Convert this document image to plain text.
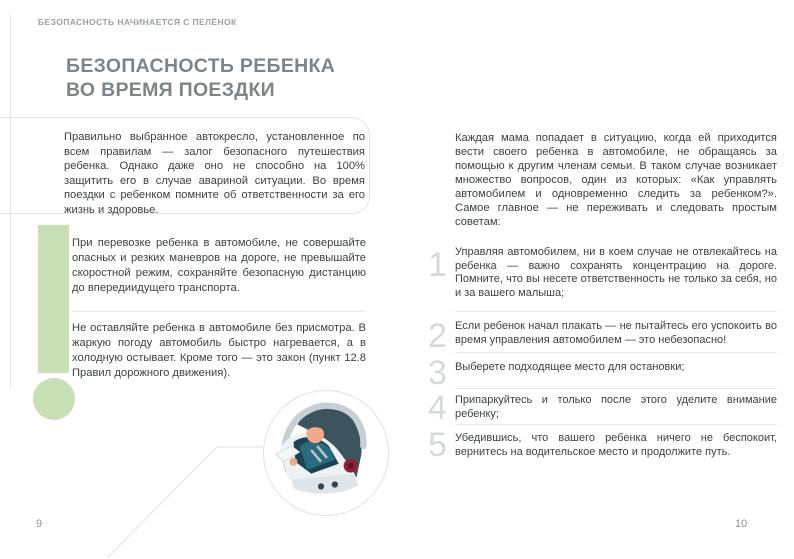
БЕЗОПАСНОСТЬ НАЧИНАЕТСЯ С ПЕЛЁНОК
БЕЗОПАСНОСТЬ РЕБЕНКА
ВО ВРЕМЯ ПОЕЗДКИ
Правильно выбранное автокресло, установленное по всем правилам — залог безопасного путешествия ребенка. Однако даже оно не способно на 100% защитить его в случае авариной ситуации. Во время поездки с ребенком помните об ответственности за его жизнь и здоровье.
При перевозке ребенка в автомобиле, не совершайте опасных и резких маневров на дороге, не превышайте скоростной режим, сохраняйте безопасную дистанцию до впередиидущего транспорта.
Не оставляйте ребенка в автомобиле без присмотра. В жаркую погоду автомобиль быстро нагревается, а в холодную остывает. Кроме того — это закон (пункт 12.8 Правил дорожного движения).
9
Каждая мама попадает в ситуацию, когда ей приходится вести своего ребенка в автомобиле, не обращаясь за помощью к другим членам семьи. В таком случае возникает множество вопросов, один из которых: «Как управлять автомобилем и одновременно следить за ребенком?». Самое главное — не переживать и следовать простым советам:
1 Управляя автомобилем, ни в коем случае не отвлекайтесь на ребенка — важно сохранять концентрацию на дороге. Помните, что вы несете ответственность не только за себя, но и за вашего малыша;
2 Если ребенок начал плакать — не пытайтесь его успокоить во время управления автомобилем — это небезопасно!
3 Выберете подходящее место для остановки;
4 Припаркуйтесь и только после этого уделите внимание ребенку;
5 Убедившись, что вашего ребенка ничего не беспокоит, вернитесь на водительское место и продолжите путь.
10
